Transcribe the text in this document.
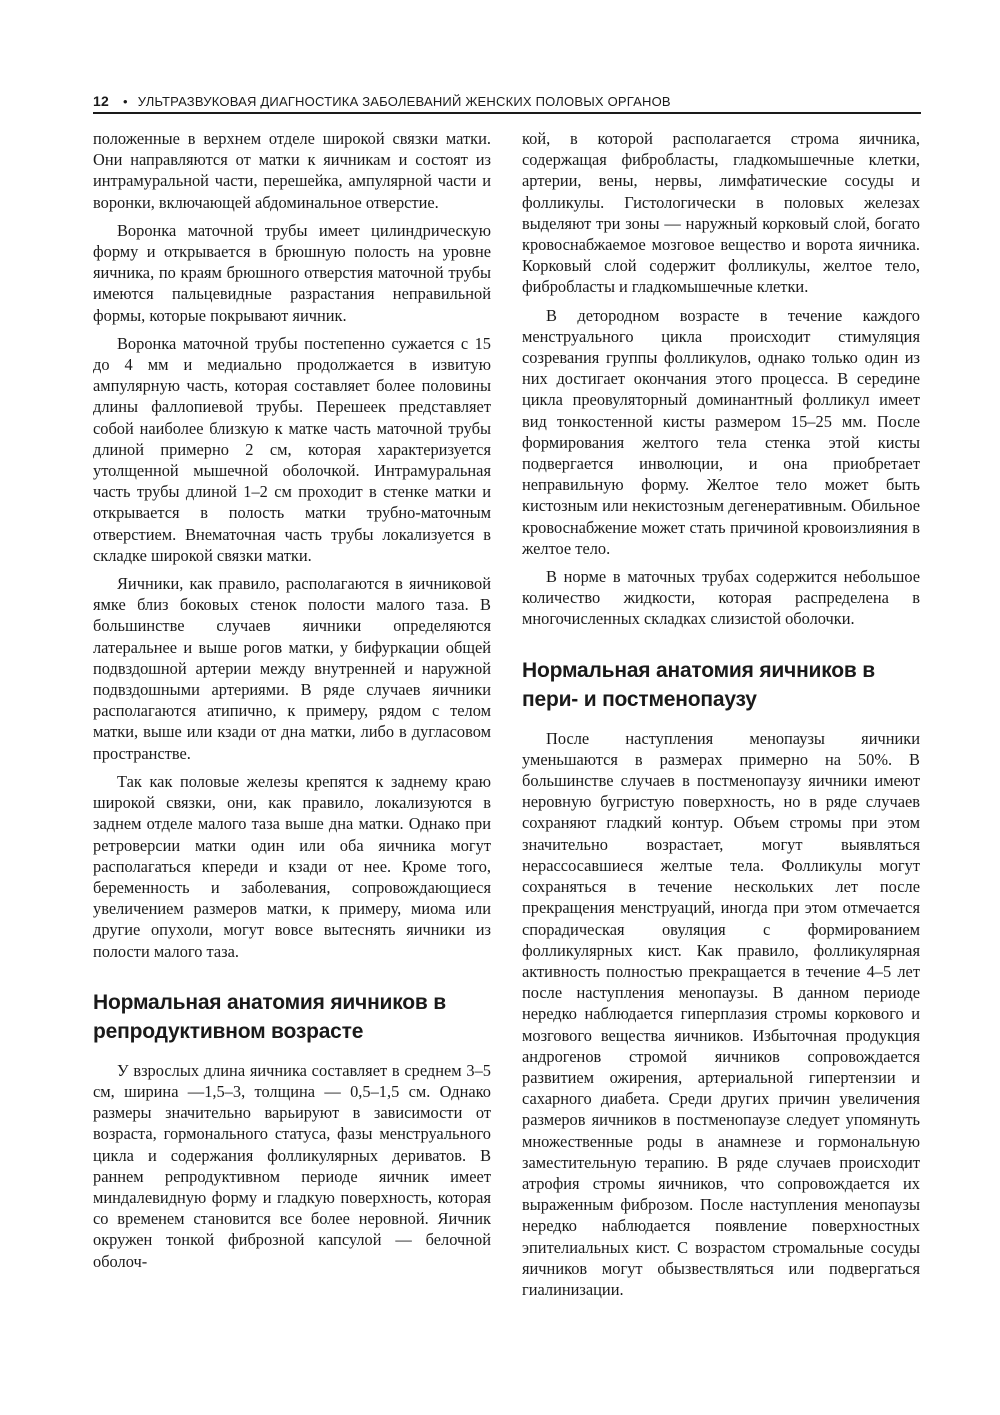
12 • УЛЬТРАЗВУКОВАЯ ДИАГНОСТИКА ЗАБОЛЕВАНИЙ ЖЕНСКИХ ПОЛОВЫХ ОРГАНОВ

положенные в верхнем отделе широкой связки матки. Они направляются от матки к яичникам и состоят из интрамуральной части, перешейка, ампулярной части и воронки, включающей абдоминальное отверстие.

Воронка маточной трубы имеет цилиндрическую форму и открывается в брюшную полость на уровне яичника, по краям брюшного отверстия маточной трубы имеются пальцевидные разрастания неправильной формы, которые покрывают яичник.

Воронка маточной трубы постепенно сужается с 15 до 4 мм и медиально продолжается в извитую ампулярную часть, которая составляет более половины длины фаллопиевой трубы. Перешеек представляет собой наиболее близкую к матке часть маточной трубы длиной примерно 2 см, которая характеризуется утолщенной мышечной оболочкой. Интрамуральная часть трубы длиной 1–2 см проходит в стенке матки и открывается в полость матки трубно-маточным отверстием. Внематочная часть трубы локализуется в складке широкой связки матки.

Яичники, как правило, располагаются в яичниковой ямке близ боковых стенок полости малого таза. В большинстве случаев яичники определяются латеральнее и выше рогов матки, у бифуркации общей подвздошной артерии между внутренней и наружной подвздошными артериями. В ряде случаев яичники располагаются атипично, к примеру, рядом с телом матки, выше или кзади от дна матки, либо в дугласовом пространстве.

Так как половые железы крепятся к заднему краю широкой связки, они, как правило, локализуются в заднем отделе малого таза выше дна матки. Однако при ретроверсии матки один или оба яичника могут располагаться кпереди и кзади от нее. Кроме того, беременность и заболевания, сопровождающиеся увеличением размеров матки, к примеру, миома или другие опухоли, могут вовсе вытеснять яичники из полости малого таза.

Нормальная анатомия яичников в репродуктивном возрасте

У взрослых длина яичника составляет в среднем 3–5 см, ширина —1,5–3, толщина — 0,5–1,5 см. Однако размеры значительно варьируют в зависимости от возраста, гормонального статуса, фазы менструального цикла и содержания фолликулярных дериватов. В раннем репродуктивном периоде яичник имеет миндалевидную форму и гладкую поверхность, которая со временем становится все более неровной. Яичник окружен тонкой фиброзной капсулой — белочной оболоч-

кой, в которой располагается строма яичника, содержащая фибробласты, гладкомышечные клетки, артерии, вены, нервы, лимфатические сосуды и фолликулы. Гистологически в половых железах выделяют три зоны — наружный корковый слой, богато кровоснабжаемое мозговое вещество и ворота яичника. Корковый слой содержит фолликулы, желтое тело, фибробласты и гладкомышечные клетки.

В детородном возрасте в течение каждого менструального цикла происходит стимуляция созревания группы фолликулов, однако только один из них достигает окончания этого процесса. В середине цикла преовуляторный доминантный фолликул имеет вид тонкостенной кисты размером 15–25 мм. После формирования желтого тела стенка этой кисты подвергается инволюции, и она приобретает неправильную форму. Желтое тело может быть кистозным или некистозным дегенеративным. Обильное кровоснабжение может стать причиной кровоизлияния в желтое тело.

В норме в маточных трубах содержится небольшое количество жидкости, которая распределена в многочисленных складках слизистой оболочки.

Нормальная анатомия яичников в пери- и постменопаузу

После наступления менопаузы яичники уменьшаются в размерах примерно на 50%. В большинстве случаев в постменопаузу яичники имеют неровную бугристую поверхность, но в ряде случаев сохраняют гладкий контур. Объем стромы при этом значительно возрастает, могут выявляться нерассосавшиеся желтые тела. Фолликулы могут сохраняться в течение нескольких лет после прекращения менструаций, иногда при этом отмечается спорадическая овуляция с формированием фолликулярных кист. Как правило, фолликулярная активность полностью прекращается в течение 4–5 лет после наступления менопаузы. В данном периоде нередко наблюдается гиперплазия стромы коркового и мозгового вещества яичников. Избыточная продукция андрогенов стромой яичников сопровождается развитием ожирения, артериальной гипертензии и сахарного диабета. Среди других причин увеличения размеров яичников в постменопаузе следует упомянуть множественные роды в анамнезе и гормональную заместительную терапию. В ряде случаев происходит атрофия стромы яичников, что сопровождается их выраженным фиброзом. После наступления менопаузы нередко наблюдается появление поверхностных эпителиальных кист. С возрастом стромальные сосуды яичников могут обызвествляться или подвергаться гиалинизации.
